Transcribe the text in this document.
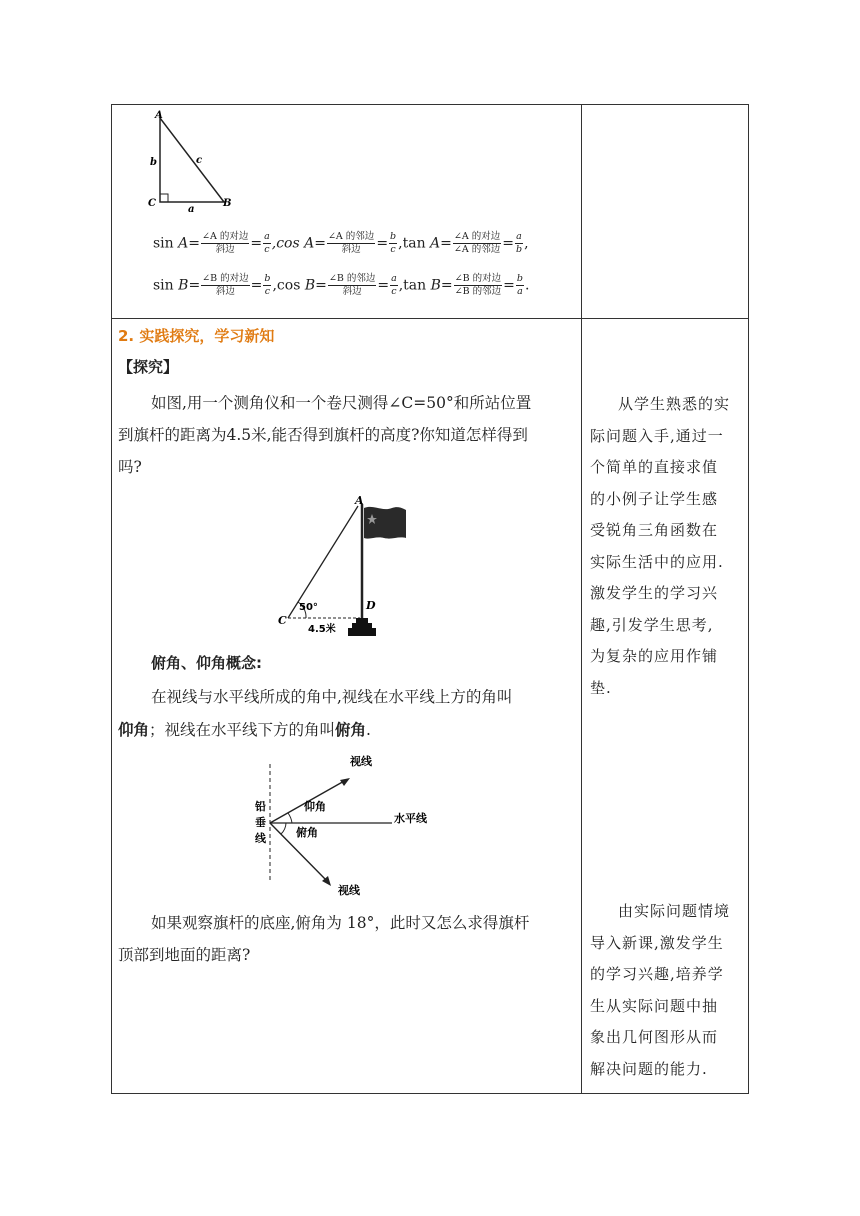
A
C	B
b	c
a
$\sin A= \frac{\text{∠A 的对边}}{\text{斜边}} = \frac{a}{c} ,\cos$ $A= \frac{\text{∠A 的邻边}}{\text{斜边}} = \frac{b}{c} ,\tan$ $A= \frac{\text{∠A 的对边}}{\text{∠A 的邻边}} = \frac{a}{b}$ ,
$\sin B= \frac{\text{∠B 的对边}}{\text{斜边}} = \frac{b}{c} ,\cos$ $B= \frac{\text{∠B 的邻边}}{\text{斜边}} = \frac{a}{c} ,\tan$ $B= \frac{\text{∠B 的对边}}{\text{∠B 的邻边}} = \frac{b}{a}$ .
2. 实践探究，学习新知
【探究】
如图,用一个测角仪和一个卷尺测得∠C=50°和所站位置
到旗杆的距离为4.5米,能否得到旗杆的高度?你知道怎样得到
吗?
A
C
D
50°
4.5米
俯角、仰角概念:
在视线与水平线所成的角中,视线在水平线上方的角叫
仰角；视线在水平线下方的角叫俯角.
视线
视线
水平线
仰角
俯角
铅
垂
线
如果观察旗杆的底座,俯角为 18°，此时又怎么求得旗杆
顶部到地面的距离?
从学生熟悉的实
际问题入手,通过一
个简单的直接求值
的小例子让学生感
受锐角三角函数在
实际生活中的应用.
激发学生的学习兴
趣,引发学生思考,
为复杂的应用作铺
垫.
由实际问题情境
导入新课,激发学生
的学习兴趣,培养学
生从实际问题中抽
象出几何图形从而
解决问题的能力.
